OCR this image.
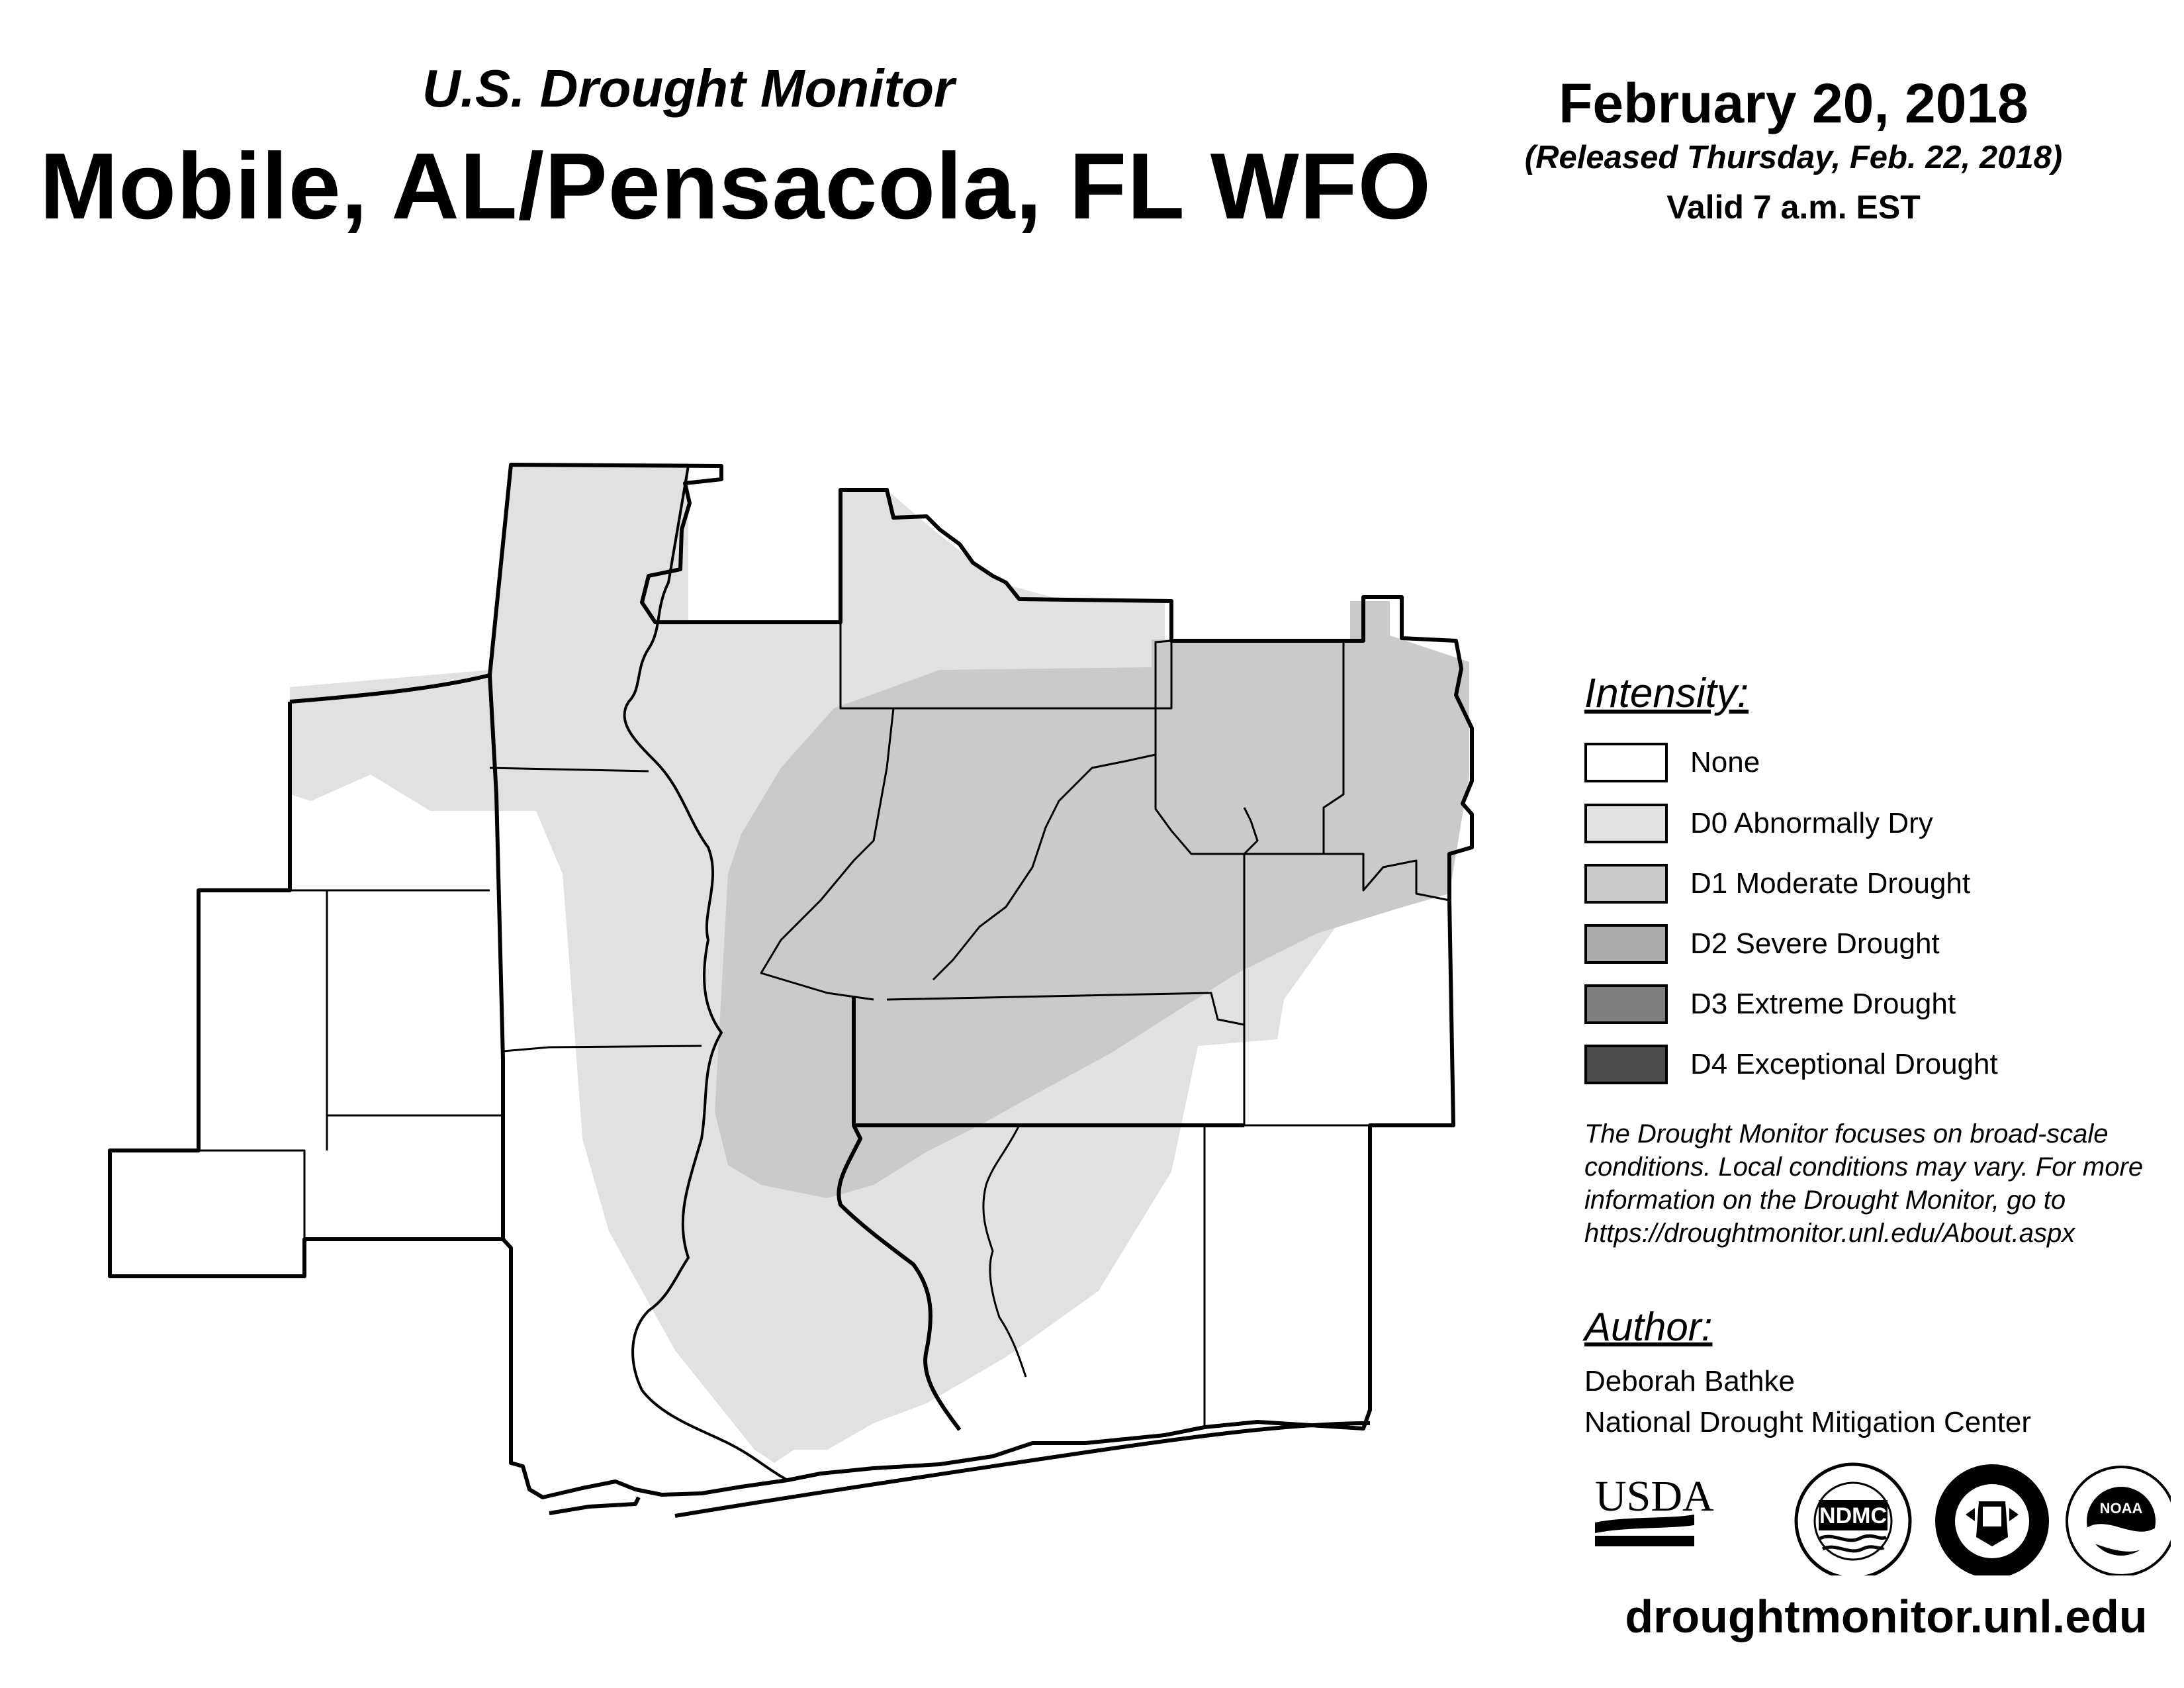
U.S. Drought Monitor
Mobile, AL/Pensacola, FL WFO
February 20, 2018
(Released Thursday, Feb. 22, 2018)
Valid 7 a.m. EST
Intensity:
None
D0 Abnormally Dry
D1 Moderate Drought
D2 Severe Drought
D3 Extreme Drought
D4 Exceptional Drought
The Drought Monitor focuses on broad-scale conditions. Local conditions may vary. For more information on the Drought Monitor, go to https://droughtmonitor.unl.edu/About.aspx
Author:
Deborah Bathke
National Drought Mitigation Center
USDA	NDMC	NOAA
droughtmonitor.unl.edu
